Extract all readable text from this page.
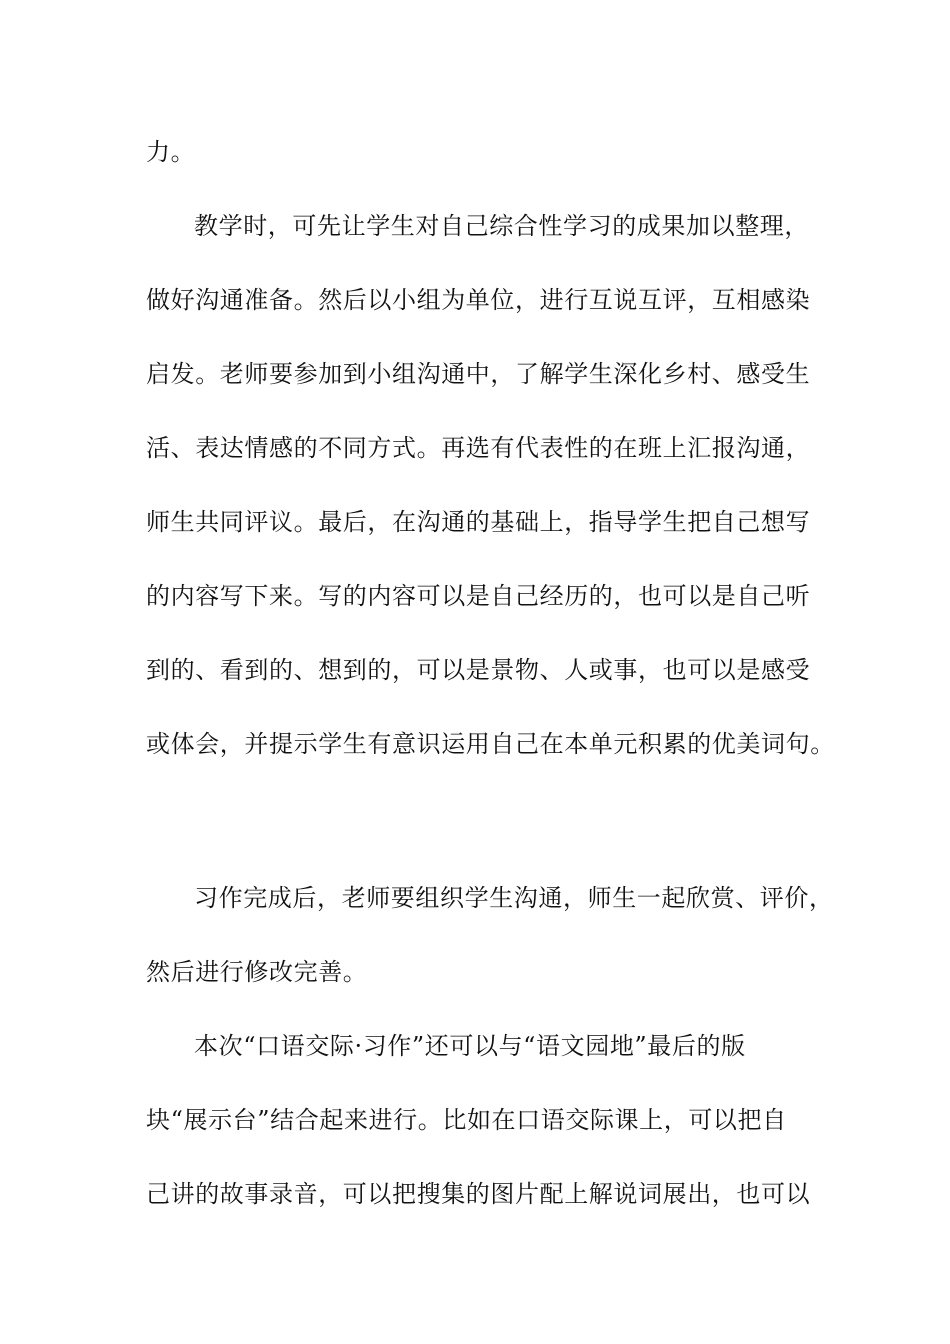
力。
教学时，可先让学生对自己综合性学习的成果加以整理，
做好沟通准备。然后以小组为单位，进行互说互评，互相感染
启发。老师要参加到小组沟通中，了解学生深化乡村、感受生
活、表达情感的不同方式。再选有代表性的在班上汇报沟通，
师生共同评议。最后，在沟通的基础上，指导学生把自己想写
的内容写下来。写的内容可以是自己经历的，也可以是自己听
到的、看到的、想到的，可以是景物、人或事，也可以是感受
或体会，并提示学生有意识运用自己在本单元积累的优美词句。
习作完成后，老师要组织学生沟通，师生一起欣赏、评价，
然后进行修改完善。
本次“口语交际·习作”还可以与“语文园地”最后的版
块“展示台”结合起来进行。比如在口语交际课上，可以把自
己讲的故事录音，可以把搜集的图片配上解说词展出，也可以
